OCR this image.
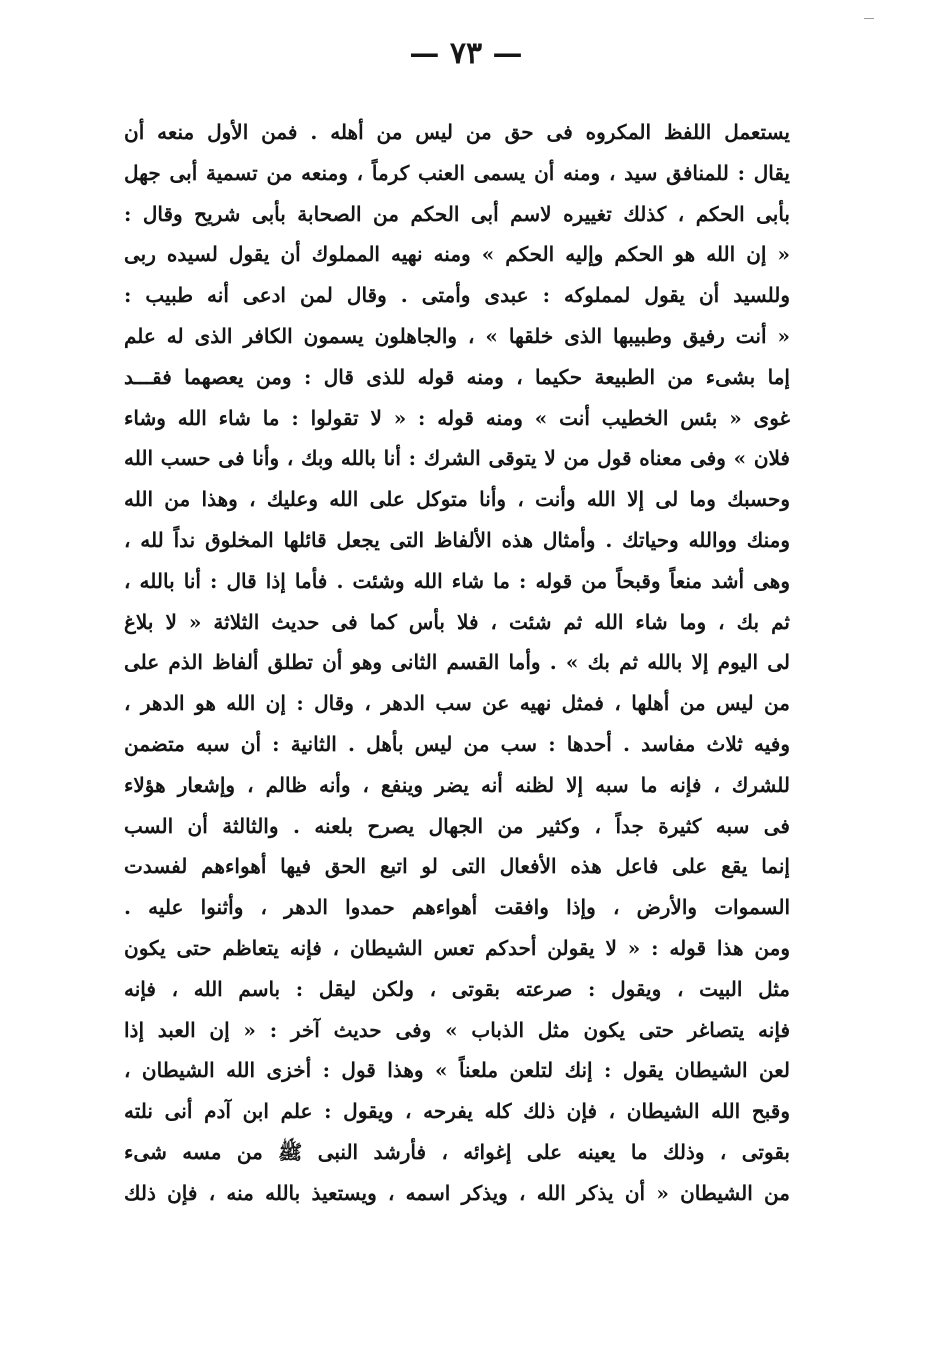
— ٧٣ —
يستعمل اللفظ المكروه فى حق من ليس من أهله . فمن الأول منعه أن
يقال : للمنافق سيد ، ومنه أن يسمى العنب كرماً ، ومنعه من تسمية أبى جهل
بأبى الحكم ، كذلك تغييره لاسم أبى الحكم من الصحابة بأبى شريح وقال :
« إن الله هو الحكم وإليه الحكم » ومنه نهيه المملوك أن يقول لسيده ربى
وللسيد أن يقول لمملوكه : عبدى وأمتى . وقال لمن ادعى أنه طبيب :
« أنت رفيق وطبيبها الذى خلقها » ، والجاهلون يسمون الكافر الذى له علم
إما بشىء من الطبيعة حكيما ، ومنه قوله للذى قال : ومن يعصهما فقـــد
غوى « بئس الخطيب أنت » ومنه قوله : « لا تقولوا : ما شاء الله وشاء
فلان » وفى معناه قول من لا يتوقى الشرك : أنا بالله وبك ، وأنا فى حسب الله
وحسبك وما لى إلا الله وأنت ، وأنا متوكل على الله وعليك ، وهذا من الله
ومنك ووالله وحياتك . وأمثال هذه الألفاظ التى يجعل قائلها المخلوق نداً لله ،
وهى أشد منعاً وقبحاً من قوله : ما شاء الله وشئت . فأما إذا قال : أنا بالله ،
ثم بك ، وما شاء الله ثم شئت ، فلا بأس كما فى حديث الثلاثة « لا بلاغ
لى اليوم إلا بالله ثم بك » . وأما القسم الثانى وهو أن تطلق ألفاظ الذم على
من ليس من أهلها ، فمثل نهيه عن سب الدهر ، وقال : إن الله هو الدهر ،
وفيه ثلاث مفاسد . أحدها : سب من ليس بأهل . الثانية : أن سبه متضمن
للشرك ، فإنه ما سبه إلا لظنه أنه يضر وينفع ، وأنه ظالم ، وإشعار هؤلاء
فى سبه كثيرة جداً ، وكثير من الجهال يصرح بلعنه . والثالثة أن السب
إنما يقع على فاعل هذه الأفعال التى لو اتبع الحق فيها أهواءهم لفسدت
السموات والأرض ، وإذا وافقت أهواءهم حمدوا الدهر ، وأثنوا عليه .
ومن هذا قوله : « لا يقولن أحدكم تعس الشيطان ، فإنه يتعاظم حتى يكون
مثل البيت ، ويقول : صرعته بقوتى ، ولكن ليقل : باسم الله ، فإنه
فإنه يتصاغر حتى يكون مثل الذباب » وفى حديث آخر : « إن العبد إذا
لعن الشيطان يقول : إنك لتلعن ملعناً » وهذا قول : أخزى الله الشيطان ،
وقبح الله الشيطان ، فإن ذلك كله يفرحه ، ويقول : علم ابن آدم أنى نلته
بقوتى ، وذلك ما يعينه على إغوائه ، فأرشد النبى ﷺ من مسه شىء
من الشيطان « أن يذكر الله ، ويذكر اسمه ، ويستعيذ بالله منه ، فإن ذلك
